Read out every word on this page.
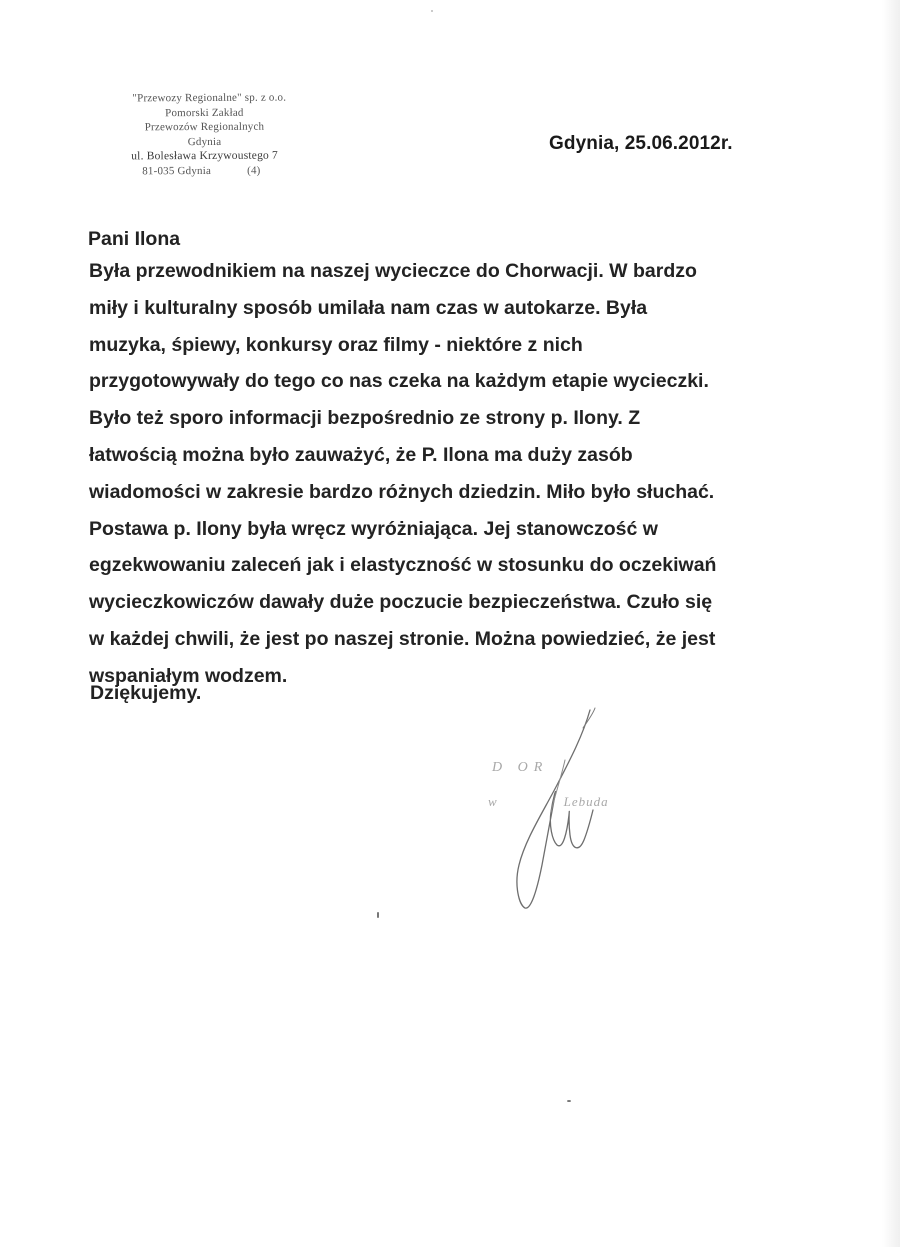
"Przewozy Regionalne" sp. z o.o.
Pomorski Zakład
Przewozów Regionalnych
Gdynia
ul. Bolesława Krzywoustego 7
81-035 Gdynia	(4)
Gdynia, 25.06.2012r.
Pani Ilona
Była przewodnikiem na naszej wycieczce do Chorwacji. W bardzo
miły i kulturalny sposób umilała nam czas w autokarze. Była
muzyka, śpiewy, konkursy oraz filmy - niektóre z nich
przygotowywały do tego co nas czeka na każdym etapie wycieczki.
Było też sporo informacji bezpośrednio ze strony p. Ilony. Z
łatwością można było zauważyć, że P. Ilona ma duży zasób
wiadomości w zakresie bardzo różnych dziedzin. Miło było słuchać.
Postawa p. Ilony była wręcz wyróżniająca. Jej stanowczość w
egzekwowaniu zaleceń jak i elastyczność w stosunku do oczekiwań
wycieczkowiczów dawały duże poczucie bezpieczeństwa. Czuło się
w każdej chwili, że jest po naszej stronie. Można powiedzieć, że jest
wspaniałym wodzem.
Dziękujemy.
D OR
w	Lebuda
